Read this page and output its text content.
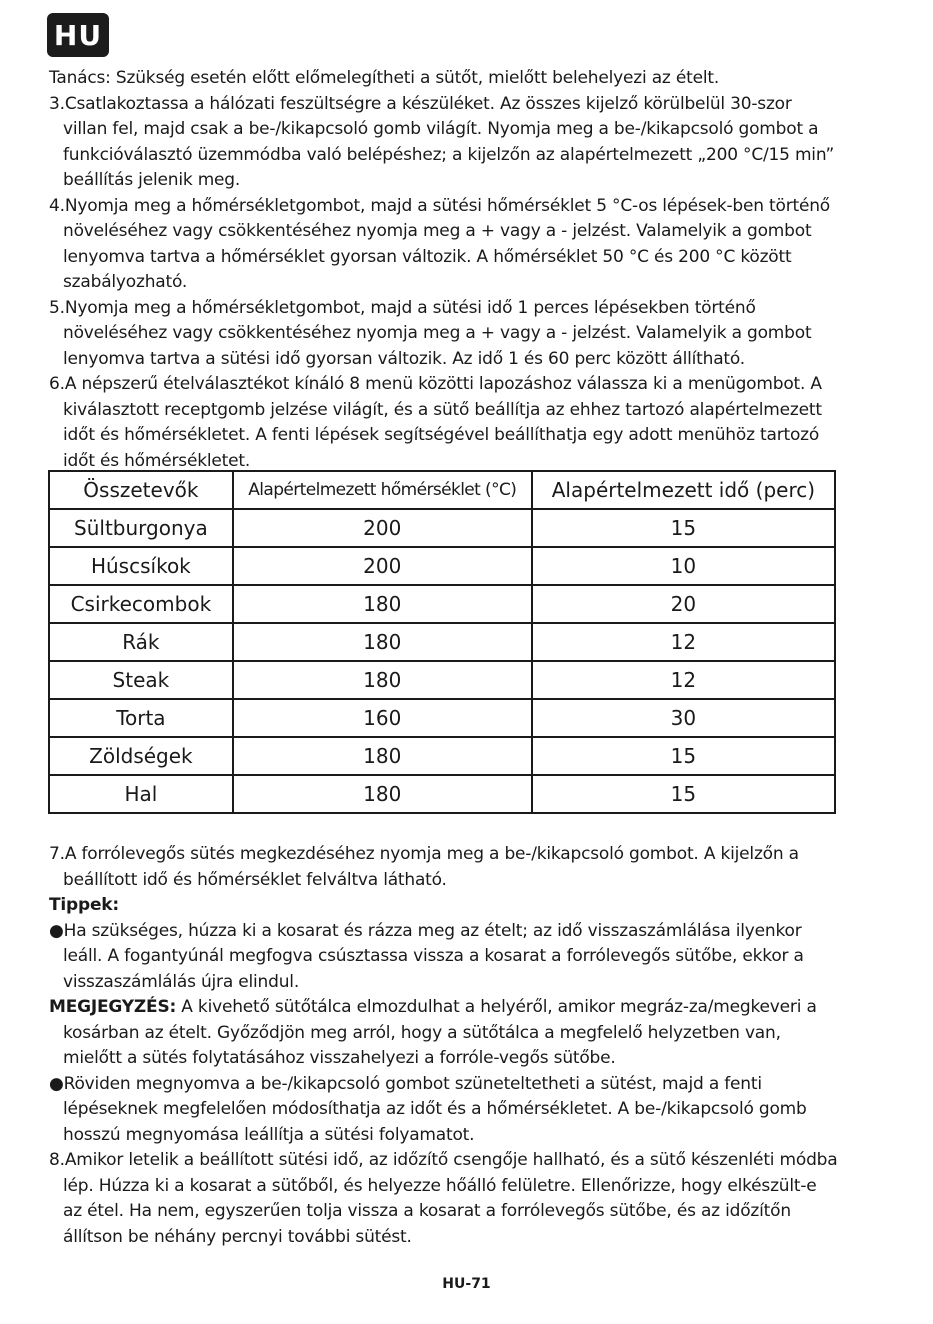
HU

Tanács: Szükség esetén előtt előmelegítheti a sütőt, mielőtt belehelyezi az ételt.

3.Csatlakoztassa a hálózati feszültségre a készüléket. Az összes kijelző körülbelül 30-szor villan fel, majd csak a be-/kikapcsoló gomb világít. Nyomja meg a be-/kikapcsoló gombot a funkcióválasztó üzemmódba való belépéshez; a kijelzőn az alapértelmezett „200 °C/15 min” beállítás jelenik meg.

4.Nyomja meg a hőmérsékletgombot, majd a sütési hőmérséklet 5 °C-os lépések-ben történő növeléséhez vagy csökkentéséhez nyomja meg a + vagy a - jelzést. Valamelyik a gombot lenyomva tartva a hőmérséklet gyorsan változik. A hőmérséklet 50 °C és 200 °C között szabályozható.

5.Nyomja meg a hőmérsékletgombot, majd a sütési idő 1 perces lépésekben történő növeléséhez vagy csökkentéséhez nyomja meg a + vagy a - jelzést. Valamelyik a gombot lenyomva tartva a sütési idő gyorsan változik. Az idő 1 és 60 perc között állítható.

6.A népszerű ételválasztékot kínáló 8 menü közötti lapozáshoz válassza ki a menügombot. A kiválasztott receptgomb jelzése világít, és a sütő beállítja az ehhez tartozó alapértelmezett időt és hőmérsékletet. A fenti lépések segítségével beállíthatja egy adott menühöz tartozó időt és hőmérsékletet.

Összetevők	Alapértelmezett hőmérséklet (°C)	Alapértelmezett idő (perc)
Sültburgonya	200	15
Húscsíkok	200	10
Csirkecombok	180	20
Rák	180	12
Steak	180	12
Torta	160	30
Zöldségek	180	15
Hal	180	15

7.A forrólevegős sütés megkezdéséhez nyomja meg a be-/kikapcsoló gombot. A kijelzőn a beállított idő és hőmérséklet felváltva látható.

Tippek:

●Ha szükséges, húzza ki a kosarat és rázza meg az ételt; az idő visszaszámlálása ilyenkor leáll. A fogantyúnál megfogva csúsztassa vissza a kosarat a forrólevegős sütőbe, ekkor a visszaszámlálás újra elindul.

MEGJEGYZÉS: A kivehető sütőtálca elmozdulhat a helyéről, amikor megráz-za/megkeveri a kosárban az ételt. Győződjön meg arról, hogy a sütőtálca a megfelelő helyzetben van, mielőtt a sütés folytatásához visszahelyezi a forróle-vegős sütőbe.

●Röviden megnyomva a be-/kikapcsoló gombot szüneteltetheti a sütést, majd a fenti lépéseknek megfelelően módosíthatja az időt és a hőmérsékletet. A be-/kikapcsoló gomb hosszú megnyomása leállítja a sütési folyamatot.

8.Amikor letelik a beállított sütési idő, az időzítő csengője hallható, és a sütő készenléti módba lép. Húzza ki a kosarat a sütőből, és helyezze hőálló felületre. Ellenőrizze, hogy elkészült-e az étel. Ha nem, egyszerűen tolja vissza a kosarat a forrólevegős sütőbe, és az időzítőn állítson be néhány percnyi további sütést.

HU-71
